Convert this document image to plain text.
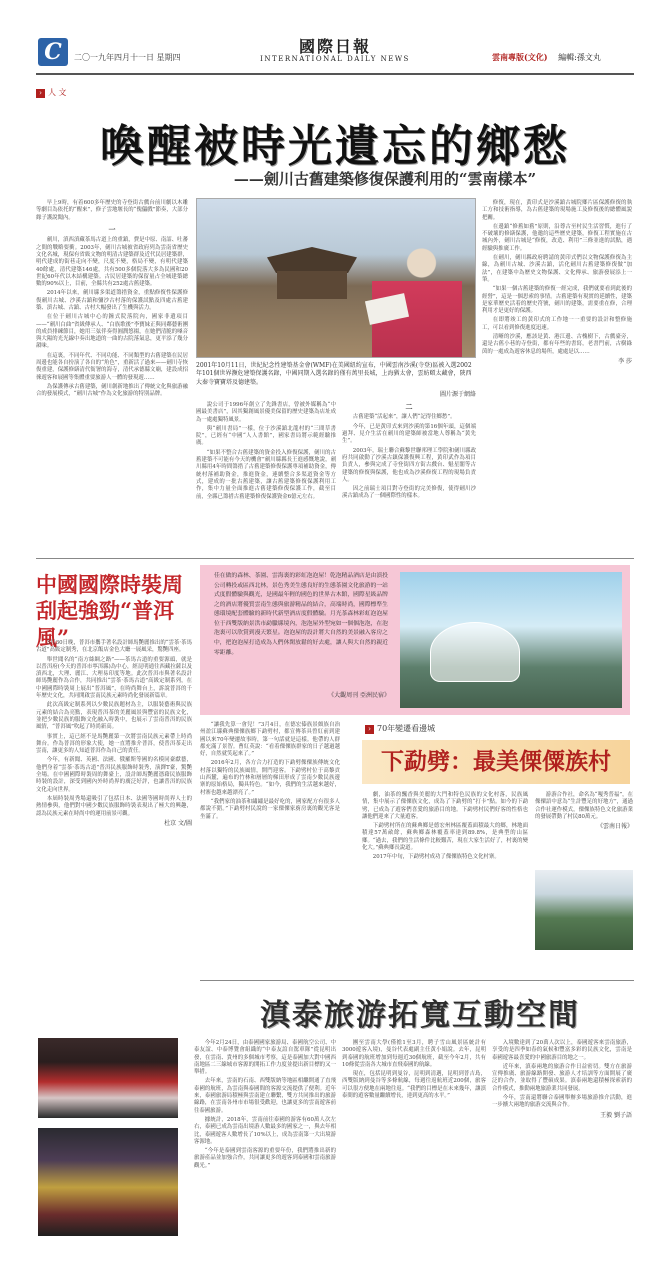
C	二〇一九年四月十一日 星期四
國際日報
INTERNATIONAL DAILY NEWS	雲南專版(文化) 編輯:孫文丸
› 人 文
喚醒被時光遺忘的鄉愁
——劍川古舊建築修復保護利用的“雲南樣本”

早上9時，有着600多年歷史的寺登街古戲台前川劇以木雕等劇目為依托的“醒來”，修子雲地堰長的“傀儡戲”節奏，大部分緣子護說聞內。

一

劍川，滇西滇藏茶馬古道上的重鎮，費是中原、南詔、吐蕃之間的戰略要衝。2003年，劍川古城被省政府列為雲南省歷史文化名城，現保有省級文物的明清古建築群及近代民居建築群，明代建成的街巷走向不變，尺度不變，格局不變，有明代建築40餘處，清代建築146處，共有500多個院落大多為民國和20世紀60年代以木結構建築。古民居建築的保留量占全城建築總數的90%以上，目前，全縣共有252處古舊建築。

2014年以來，劍川縣多渠道籌措資金，重點修復性保護修復劍川古城、沙溪古鎮和彌沙古村落的保護試點及四處古舊建築、滇古城、古鎮、古村大幅發出了生機與活力。

在位于劍川古城中心的鐘式院落院內，國家非遺項目——“劍川白曲”省級傳承人、“白族歌後”李寶妹正與同鄰藝術團的成員排練節目，她用三弦伴奏得圓潤悠揚，在她們清脆的嗓音與大陽的光光線中奏出地道的一曲的古院落氣息，更平添了幾分韻味。

在這裏，不同年代、不同功能、不同類型的古舊建築在民居周邊也能各自扮演了各自的“角色”，重新活了過來——劍川寺恢復重建，保護修繕清代衙署的海寺，清代承德縣文廟，建設成招徠遊客和展國等集體重要旅游人一體的發現遊……

為保護傳承古舊建築，劍川創新地推出了傳統文化與旅游融合的發展模式，“劍川古城”作為文化旅游的特別品牌。

2001年10月11日，世紀紀念性建築基金會(WMF)在美國紐約宣布，中國雲南沙溪(寺登)區被入選2002年101個世界瀕危建築保護名錄，中國同期入選名錄的僅有萬里長城，上海猶太會，雲紡頤太藏會，陝西大秦寺寶寶塔及德建築。
圖片源于網絡

說公司于1996年創立了先鋒書店，曾被外媒稱為“中國最美書店”，因其獨創風景優美保留的歷史建築為店址成為一處處獨特風景。

與“劍川書局”一樣，位于沙溪鎮北龍村的“三間草書院”，已經有“中國“人人書館”，國家書局將示範經驗推廣。

“如果不整合古舊建築的資金投入修復保護，劍川的古舊建築不可能有今天的機會”劍川縣縣長王進感慨地說，劍川縣用4年時間籌措了古舊建築修復保護專項補助資金，傳統村落補助資金，推進資金，連續整合多渠道資金等方式，建成的一批古舊建築，讓古舊建築修復保護利用工作，集中力量全面推進古舊建築修復保護工作，截至目前，全縣已籌措古舊建築修復保護資金6億元左右。

二

古舊建築“活起來”，讓人們“記得住鄉愁”。

今年，已是黃印式來到沙溪的第16個年頭，這個端過拜、見介生活在劍川的建築師被當地人尊稱為“黃先生”。

2003年，瑞士聯合蘇黎世聯邦理工學院和劍川縣政府共同啟動了沙溪古鎮保護復興工程，黃印武作為項目負責人，參與完成了寺登街四方街古戲台、魁星閣等古建築的修復與保護，他也成為沙溪修復工程的現場負責人。

因之前瑞士項目對寺登街的完美修復，使得劍川沙溪古鎮成為了一個國際性的樣本。

修復，現在，黃印式是沙溪鎮古城院鄉片區保護修復的執工方和技術指導，為古舊建築的現場施工及修復後的總體風貌把關。

在邊鎮“修舊如舊”原則，沿尊古至村民生活習慣，進行了不破壞的修繕保護，他邀約這些歷史建築，修復工程實施在古城內外，劍川古城是“修復，改造、利用”三條並進的試點，遇經驗與推廣工作。

在劍川，劍川縣政府聘請的黃印式們以文物保護修復為主線，為劍川古城、沙溪古鎮，活化劍川古舊建築修復做“加法”，在建築中為歷史文物保護、文化傳承、旅游發展添上一筆。

“如果一個古舊建築的修復一經完成，我們就要看到此後的經營”，這是一個思索的事情。古舊建築有現實的延續性，建築是家華歷史活着的歷史符號，劍川的建築，需要重在修，合理利用才是更好的保護。

在即將竣工的黃印式的工作地一一重要的設計和整修施工，可以看到修復進度迅速。

清晰的沙溪，應該是黃、港江邊、古槐樹下，古戲臺旁，還是古舊小巷的寺登街，都有年些的書寫，老書門前，古樹綠茵的一處成為遊客休息的場所，處處是以……

李 莎
中國國際時裝周刮起強勁“普洱風”

3月30日晚，普洱市攜手著名設計師馬艷麗推出的“雲茶·茶馬古道”高級定制秀，在北京飯店金色大廳一展風采，驚艷四座。

舉世聞名的“南方絲綢之路”——茶馬古道的重要源頭，就是以普洱府(今天的普洱市寧洱縣)為中心，經昆明通往西藏拉薩以及滇西北，大理、麗江、大理易印度等地。此次普洱市與著名設計師馬艷麗作為合作，共同推出“雲茶·茶馬古道”高級定制系列，在中國國際時裝周上展出“普洱風”，在時尚舞台上，訴說普洱的千年歷史文化，共同開啟雲南民族元素時尚化發展新篇章。

此次高級定制系列以少數民族題材為主，以服裝藝術與民族元素的結合為亮點，表現普洱茶的美麗風景與豐富的民族文化，並把少數民族的服飾文化融入時裝中，也展示了雲南普洱的民族風情，“普洱風”吹起了時尚新高。

事實上，這已經不是馬艷麗第一次將雲南民族元素帶上時尚舞台。作為普洱的形象大使，她一直將推介普洱，使普洱茶走出雲南，讓更多的人知道普洱作為自己的責任。

今年，有新聞、英國、法國、俄羅斯等國的名模同臺獻藝，他們身着“雲茶·茶馬古道”普洱民族服飾時裝秀，演繹T臺，驚艷全場。在中國國際時裝周的舞臺上，設計師馬艷麗憑藉民族服飾時裝的設計，深受到國內外時尚界的廣泛好評，也讓普洱的民族文化走向世界。

本屆時裝周秀場還吸引了包括日本、法國等國時尚界人士的熱情參與，他們對中國少數民族服飾時裝表現出了極大的興趣，認為民族元素在時尚中的運用前景可觀。

杜京 文/圖
佳在做的森林、茶園、雲海裏的彩虹泡泡屋！乾泡精品酒店是由滇投公司轉投或區西北林，景色秀美生態良好的生態茶園文化旅游的一站式度假體驗與觀光，是國最年輕的國色的世界古木館，國際星級品牌之的酒店將優質雲南生態與旅游精品的結合，高端時尚，國際標準生態環境配套體驗的新時代新型酒店度假體驗。月光茶森林彩虹泡泡屋位于西雙版納景洪市勐臘縣境內，泡泡屋外型宛如一個個泡泡，在泡泡裏可以欣賞到漫天繁星。泡泡屋的設計將大自然的美景融入客房之中，把泡泡屋打造成為人們休閑放鬆的好去處，讓人與大自然的親近零距離。
《大觀周刊 亞洲民宿》
› 70年變遷看邊城
下勐劈：最美傈僳族村

“讓我先算一會兒！”3月4日，在德宏傣族景頗族自治州盈江縣蘇典傈僳族鄉下勐劈村，都宣傳茶具曾紅前到建國以來70年變遷故事時，第一句話就是這樣。他帶的人群都充滿了景智。曹紅英說：“看着傈僳族群家的日子越過越好，自然就笑起來了。”

2016年2月，各方合力打造的下勐劈傈僳族傳統文化村落以獨特的民族風情，開門迎客。下勐劈村位于高黎貢山西麓，遍布的竹林和層層的梯田形成了雲南少數民族邊寨的原始格局，獨具特色。“如今，我們的生活越來越好，村寨也越來越漂亮了。”

“我們家的油茶和繡繡是最好吃的，國家配方有很多人都說不錯。”下勐劈村民說的一家傈僳家廚房裏的觀光客是坐滿了。

劇，油茶的飄香與美麗的大門和特色民族的文化村落，民族風情，集中展示了傈僳族文化，成為了下勐劈的“打卡”點。如今的下勐劈，已成為了遊客們喜愛的旅游目的地。下勐劈村民們好客的性格也讓他們迎來了大量遊客。

下勐劈村所在的蘇典鄉是德宏州林區覆蓋面積最大的鄉，林地面積達57萬畝餘，蘇典鄉森林覆蓋率達到89.8%，是典型的山區鄉。“過去，我們的生活條件比較艱苦，現在大家生活好了，村裏的變化大。”蘇典鄉長說道。

2017年中旬，下勐劈村成功了傈僳族特色文化村寨。

游游合作社，命名為“嘎秀普福”，在傈僳語中意為“生計豐足的好地方”，通過合作社運作模式，傈僳族特色文化旅游業的發展帶動了村民80萬元。

《雲南日報》
滇泰旅游拓寬互動空間

今年2月24日，由泰國國家旅游局、泰國航空公司、中泰友誼、中泰博覽會組織的“中泰友誼自駕車隊”從昆明出發，在雲南、貴州的多個城市考察，這是泰國加大對中國西南地區二三線城市客源的開拓工作力度並提出新目標的又一舉措。

去年來，雲南的石南、西雙版納等地區相繼開通了直飛泰國的航班，為雲南與泰國間的客源交流提供了便利。近年來，泰國旅游局積極與雲南建立聯繫，雙方共同推出的旅游線路，在雲南各州市市場很受歡迎，也讓更多的雲南遊客前往泰國旅游。

據統計，2018年，雲南前往泰國的游客有60萬人次左右，泰國已成為雲南出境游人數最多的國家之一，與去年相比，泰國遊客人數增長了10%以上，成為雲南第一大出境游客源地。

“今年是泰國到雲南客源的重要年份，我們將推出新的旅游產品並加強合作，共同讓更多的遊客到泰國和雲南旅游觀光。”

團至雲南大學(僅擔1至3月，聘子雪山風景區統計有3000遊客入境)，曼谷代表處副主任黃小娟說。去年，昆明到泰國的航班增加到每週近30個航班，截至今年2月，共有10條從雲南各大城市直飛泰國的航線。

現在，包括昆明到曼谷，昆明到清邁，昆明到普吉島，西雙版納到曼谷等多條航線，每週往返航班近200個，旅客可以很方便地在兩地往返。“我們的目標是在未來幾年，讓滇泰間的遊客數量繼續增長，達到更高的水平。”

入境數達到了20萬人次以上，泰國遊客來雲南旅游，享受的是四季如春的氣候和豐富多彩的民族文化，雲南是泰國遊客最喜愛的中國旅游目的地之一。

近年來，滇泰兩地的旅游合作日益密切。雙方在旅游宣傳推廣、旅游線路開發、旅游人才培訓等方面開展了廣泛的合作，並取得了豐碩成果。滇泰兩地還積極探索新的合作模式，推動兩地旅游業共同發展。

今年，雲南還將聯合泰國舉辦多場旅游推介活動，進一步擴大兩地的旅游交流與合作。

王毅 劉子語
